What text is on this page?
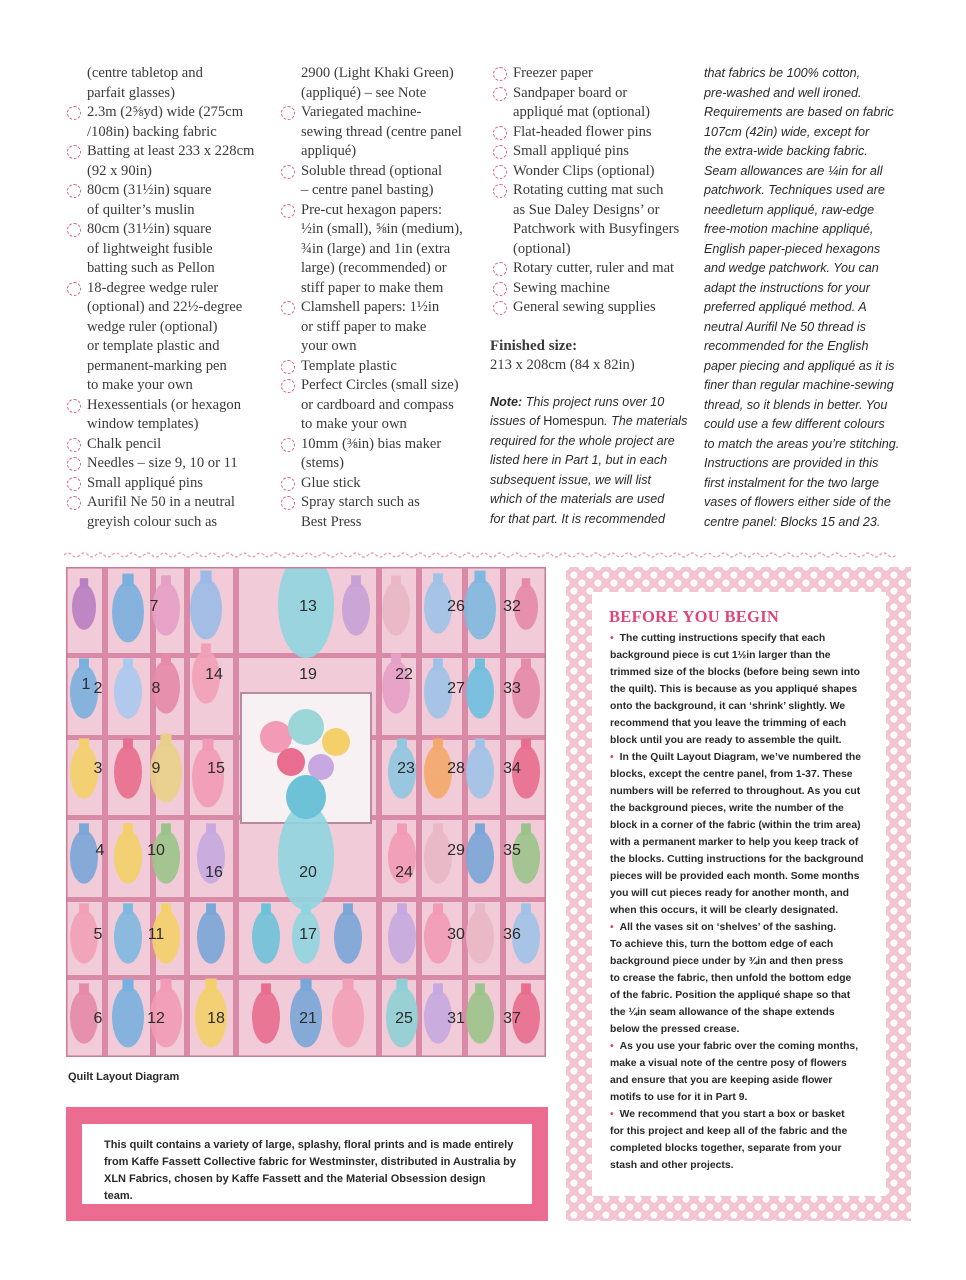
(centre tabletop and
parfait glasses)
2.3m (2⅝yd) wide (275cm
/108in) backing fabric
Batting at least 233 x 228cm
(92 x 90in)
80cm (31½in) square
of quilter’s muslin
80cm (31½in) square
of lightweight fusible
batting such as Pellon
18-degree wedge ruler
(optional) and 22½-degree
wedge ruler (optional)
or template plastic and
permanent-marking pen
to make your own
Hexessentials (or hexagon
window templates)
Chalk pencil
Needles – size 9, 10 or 11
Small appliqué pins
Aurifil Ne 50 in a neutral
greyish colour such as
2900 (Light Khaki Green)
(appliqué) – see Note
Variegated machine-
sewing thread (centre panel
appliqué)
Soluble thread (optional
– centre panel basting)
Pre-cut hexagon papers:
½in (small), ⅝in (medium),
¾in (large) and 1in (extra
large) (recommended) or
stiff paper to make them
Clamshell papers: 1½in
or stiff paper to make
your own
Template plastic
Perfect Circles (small size)
or cardboard and compass
to make your own
10mm (⅜in) bias maker
(stems)
Glue stick
Spray starch such as
Best Press
Freezer paper
Sandpaper board or
appliqué mat (optional)
Flat-headed flower pins
Small appliqué pins
Wonder Clips (optional)
Rotating cutting mat such
as Sue Daley Designs’ or
Patchwork with Busyfingers
(optional)
Rotary cutter, ruler and mat
Sewing machine
General sewing supplies
Finished size:
213 x 208cm (84 x 82in)
Note: This project runs over 10
issues of Homespun. The materials
required for the whole project are
listed here in Part 1, but in each
subsequent issue, we will list
which of the materials are used
for that part. It is recommended
that fabrics be 100% cotton,
pre-washed and well ironed.
Requirements are based on fabric
107cm (42in) wide, except for
the extra-wide backing fabric.
Seam allowances are ¼in for all
patchwork. Techniques used are
needleturn appliqué, raw-edge
free-motion machine appliqué,
English paper-pieced hexagons
and wedge patchwork. You can
adapt the instructions for your
preferred appliqué method. A
neutral Aurifil Ne 50 thread is
recommended for the English
paper piecing and appliqué as it is
finer than regular machine-sewing
thread, so it blends in better. You
could use a few different colours
to match the areas you’re stitching.
Instructions are provided in this
first instalment for the two large
vases of flowers either side of the
centre panel: Blocks 15 and 23.
1 2
3
4
5
6
7
8
9
10
11
12
13
14
15
16
17
18
19
20
21
22
23
24
25
26
27
28
29
30
31
32
33
34
35
36
37
Quilt Layout Diagram

This quilt contains a variety of large, splashy, floral prints and is made entirely
from Kaffe Fassett Collective fabric for Westminster, distributed in Australia by
XLN Fabrics, chosen by Kaffe Fassett and the Material Obsession design team.

BEFORE YOU BEGIN

• The cutting instructions specify that each

background piece is cut 1½in larger than the

trimmed size of the blocks (before being sewn into

the quilt). This is because as you appliqué shapes

onto the background, it can ‘shrink’ slightly. We

recommend that you leave the trimming of each

block until you are ready to assemble the quilt.

• In the Quilt Layout Diagram, we’ve numbered the

blocks, except the centre panel, from 1-37. These

numbers will be referred to throughout. As you cut

the background pieces, write the number of the

block in a corner of the fabric (within the trim area)

with a permanent marker to help you keep track of

the blocks. Cutting instructions for the background

pieces will be provided each month. Some months

you will cut pieces ready for another month, and

when this occurs, it will be clearly designated.

• All the vases sit on ‘shelves’ of the sashing.

To achieve this, turn the bottom edge of each

background piece under by ¾in and then press

to crease the fabric, then unfold the bottom edge

of the fabric. Position the appliqué shape so that

the ¼in seam allowance of the shape extends

below the pressed crease.

• As you use your fabric over the coming months,

make a visual note of the centre posy of flowers

and ensure that you are keeping aside flower

motifs to use for it in Part 9.

• We recommend that you start a box or basket

for this project and keep all of the fabric and the

completed blocks together, separate from your

stash and other projects.
